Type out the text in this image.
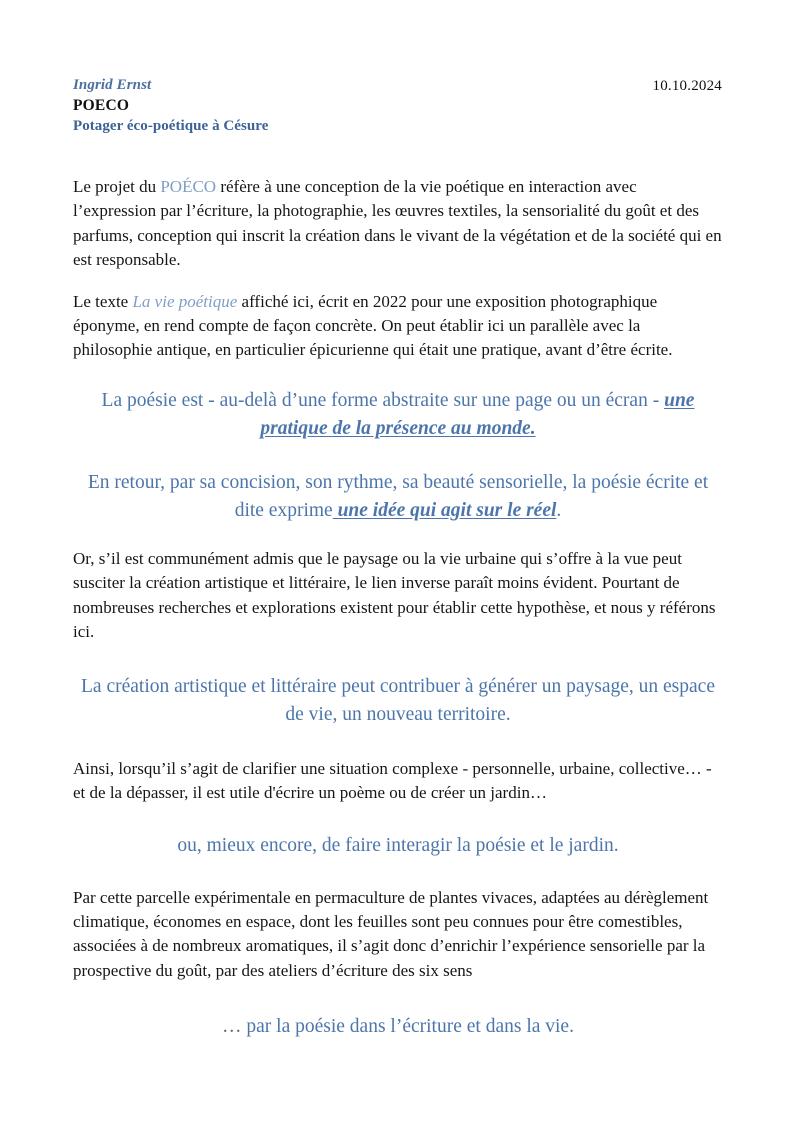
Ingrid Ernst
POECO
Potager éco-poétique à Césure
10.10.2024

Le projet du POÉCO réfère à une conception de la vie poétique en interaction avec l’expression par l’écriture, la photographie, les œuvres textiles, la sensorialité du goût et des parfums, conception qui inscrit la création dans le vivant de la végétation et de la société qui en est responsable.

Le texte La vie poétique affiché ici, écrit en 2022 pour une exposition photographique éponyme, en rend compte de façon concrète. On peut établir ici un parallèle avec la philosophie antique, en particulier épicurienne qui était une pratique, avant d’être écrite.

La poésie est - au-delà d’une forme abstraite sur une page ou un écran - une pratique de la présence au monde.

En retour, par sa concision, son rythme, sa beauté sensorielle, la poésie écrite et dite exprime une idée qui agit sur le réel.

Or, s’il est communément admis que le paysage ou la vie urbaine qui s’offre à la vue peut susciter la création artistique et littéraire, le lien inverse paraît moins évident. Pourtant de nombreuses recherches et explorations existent pour établir cette hypothèse, et nous y référons ici.

La création artistique et littéraire peut contribuer à générer un paysage, un espace de vie, un nouveau territoire.

Ainsi, lorsqu’il s’agit de clarifier une situation complexe - personnelle, urbaine, collective… - et de la dépasser, il est utile d'écrire un poème ou de créer un jardin…

ou, mieux encore, de faire interagir la poésie et le jardin.

Par cette parcelle expérimentale en permaculture de plantes vivaces, adaptées au dérèglement climatique, économes en espace, dont les feuilles sont peu connues pour être comestibles, associées à de nombreux aromatiques, il s’agit donc d’enrichir l’expérience sensorielle par la prospective du goût, par des ateliers d’écriture des six sens

… par la poésie dans l’écriture et dans la vie.
